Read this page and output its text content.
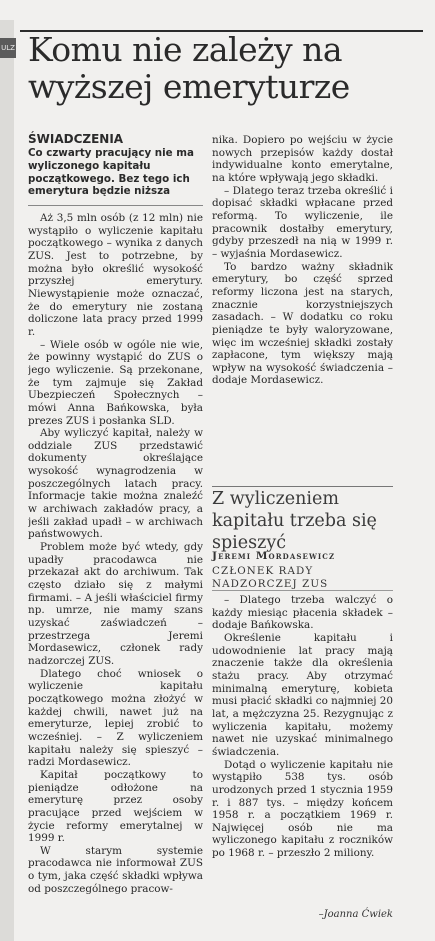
ULZ Komu nie zależy na wyższej emeryturze
ŚWIADCZENIA

Co czwarty pracujący nie ma wyliczonego kapitału początkowego. Bez tego ich emerytura będzie niższa

Aż 3,5 mln osób (z 12 mln) nie wystąpiło o wyliczenie kapitału początkowego – wynika z danych ZUS. Jest to potrzebne, by można było określić wysokość przyszłej emerytury. Niewystąpienie może oznaczać, że do emerytury nie zostaną doliczone lata pracy przed 1999 r.

– Wiele osób w ogóle nie wie, że powinny wystąpić do ZUS o jego wyliczenie. Są przekonane, że tym zajmuje się Zakład Ubezpieczeń Społecznych – mówi Anna Bańkowska, była prezes ZUS i posłanka SLD.

Aby wyliczyć kapitał, należy w oddziale ZUS przedstawić dokumenty określające wysokość wynagrodzenia w poszczególnych latach pracy. Informacje takie można znaleźć w archiwach zakładów pracy, a jeśli zakład upadł – w archiwach państwowych.

Problem może być wtedy, gdy upadły pracodawca nie przekazał akt do archiwum. Tak często działo się z małymi firmami. – A jeśli właściciel firmy np. umrze, nie mamy szans uzyskać zaświadczeń – przestrzega Jeremi Mordasewicz, członek rady nadzorczej ZUS.

Dlatego choć wniosek o wyliczenie kapitału początkowego można złożyć w każdej chwili, nawet już na emeryturze, lepiej zrobić to wcześniej. – Z wyliczeniem kapitału należy się spieszyć – radzi Mordasewicz.

Kapitał początkowy to pieniądze odłożone na emeryturę przez osoby pracujące przed wejściem w życie reformy emerytalnej w 1999 r.

W starym systemie pracodawca nie informował ZUS o tym, jaka część składki wpływa od poszczególnego pracow-

nika. Dopiero po wejściu w życie nowych przepisów każdy dostał indywidualne konto emerytalne, na które wpływają jego składki.

– Dlatego teraz trzeba określić i dopisać składki wpłacane przed reformą. To wyliczenie, ile pracownik dostałby emerytury, gdyby przeszedł na nią w 1999 r. – wyjaśnia Mordasewicz.

To bardzo ważny składnik emerytury, bo część sprzed reformy liczona jest na starych, znacznie korzystniejszych zasadach. – W dodatku co roku pieniądze te były waloryzowane, więc im wcześniej składki zostały zapłacone, tym większy mają wpływ na wysokość świadczenia – dodaje Mordasewicz.

Z wyliczeniem kapitału trzeba się spieszyć

Jeremi Mordasewicz
CZŁONEK RADY NADZORCZEJ ZUS

– Dlatego trzeba walczyć o każdy miesiąc płacenia składek – dodaje Bańkowska.

Określenie kapitału i udowodnienie lat pracy mają znaczenie także dla określenia stażu pracy. Aby otrzymać minimalną emeryturę, kobieta musi płacić składki co najmniej 20 lat, a mężczyzna 25. Rezygnując z wyliczenia kapitału, możemy nawet nie uzyskać minimalnego świadczenia.

Dotąd o wyliczenie kapitału nie wystąpiło 538 tys. osób urodzonych przed 1 stycznia 1959 r. i 887 tys. – między końcem 1958 r. a początkiem 1969 r. Najwięcej osób nie ma wyliczonego kapitału z roczników po 1968 r. – przeszło 2 miliony.

–Joanna Ćwiek
